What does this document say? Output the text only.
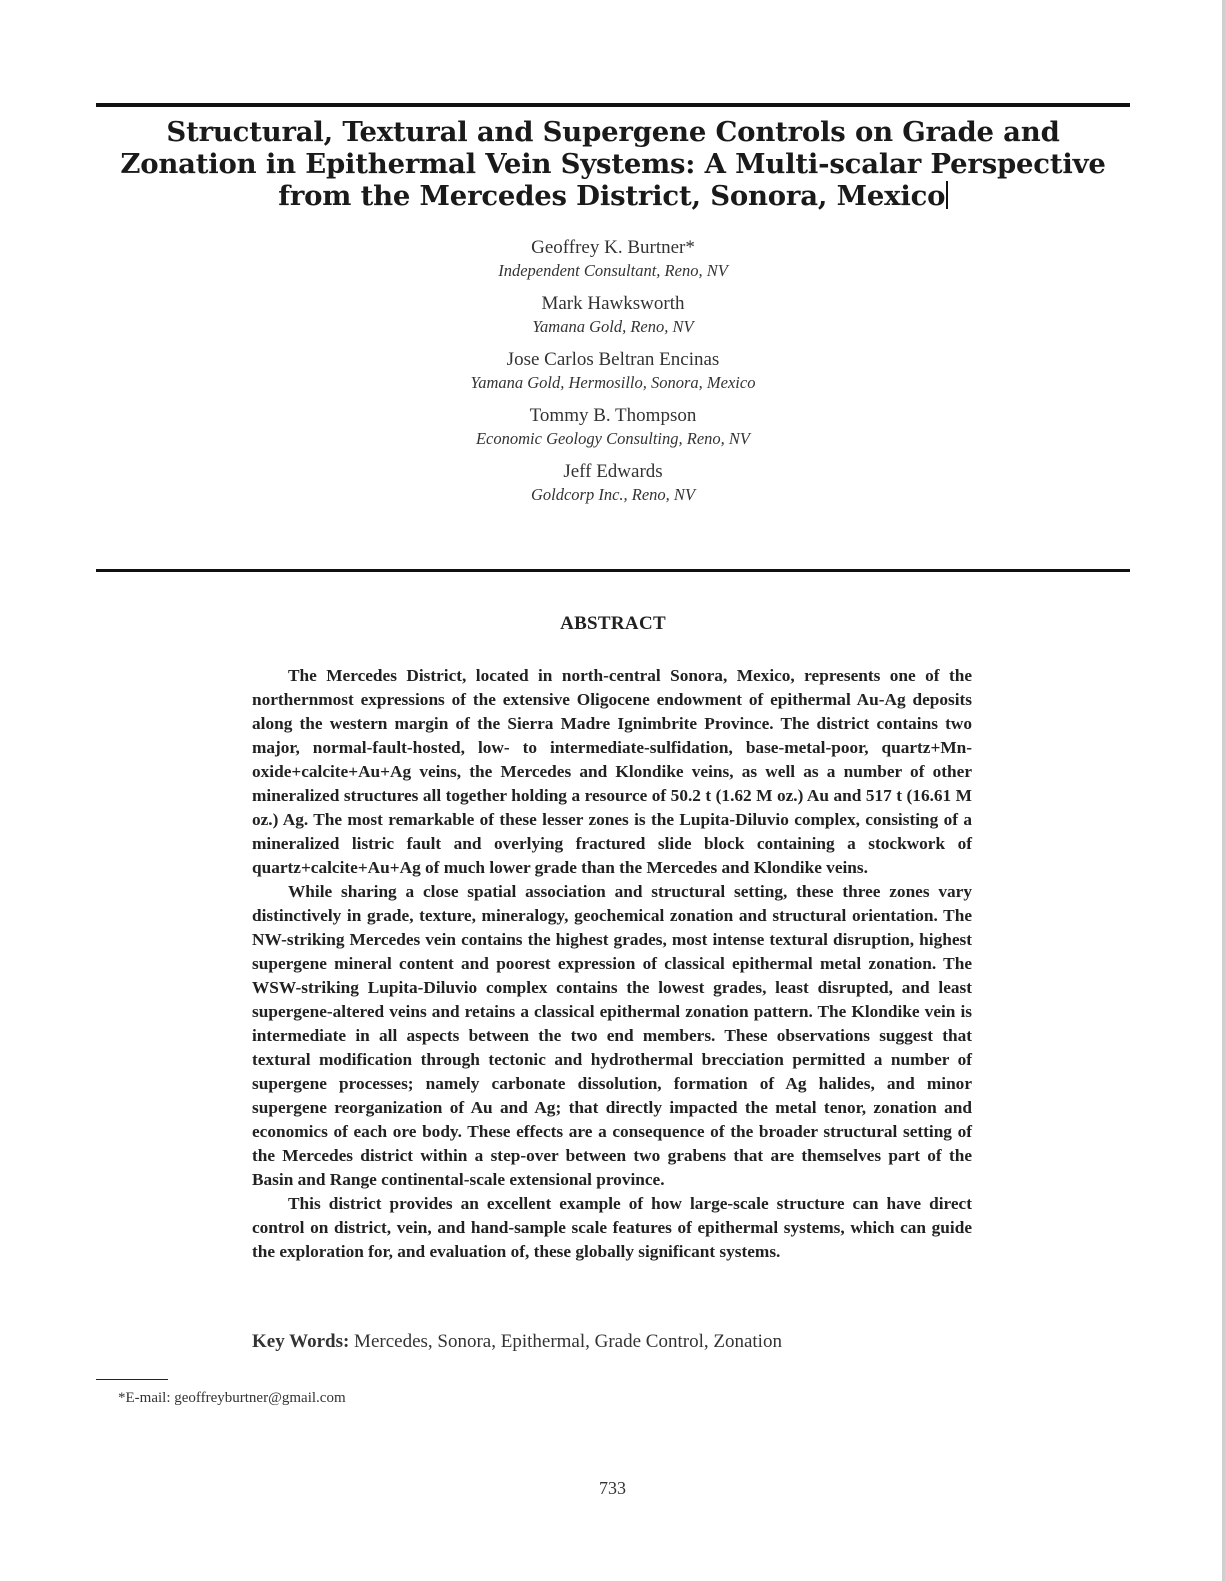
Structural, Textural and Supergene Controls on Grade and
Zonation in Epithermal Vein Systems: A Multi-scalar Perspective
from the Mercedes District, Sonora, Mexico
Geoffrey K. Burtner*
Independent Consultant, Reno, NV
Mark Hawksworth
Yamana Gold, Reno, NV
Jose Carlos Beltran Encinas
Yamana Gold, Hermosillo, Sonora, Mexico
Tommy B. Thompson
Economic Geology Consulting, Reno, NV
Jeff Edwards
Goldcorp Inc., Reno, NV
ABSTRACT

The Mercedes District, located in north-central Sonora, Mexico, represents one of the northernmost expressions of the extensive Oligocene endowment of epithermal Au-Ag deposits along the western margin of the Sierra Madre Ignimbrite Province. The district contains two major, normal-fault-hosted, low- to intermediate-sulfidation, base-metal-poor, quartz+Mn-oxide+calcite+Au+Ag veins, the Mercedes and Klondike veins, as well as a number of other mineralized structures all together holding a resource of 50.2 t (1.62 M oz.) Au and 517 t (16.61 M oz.) Ag. The most remarkable of these lesser zones is the Lupita-Diluvio complex, consisting of a mineralized listric fault and overlying fractured slide block containing a stockwork of quartz+calcite+Au+Ag of much lower grade than the Mercedes and Klondike veins.

While sharing a close spatial association and structural setting, these three zones vary distinctively in grade, texture, mineralogy, geochemical zonation and structural orientation. The NW-striking Mercedes vein contains the highest grades, most intense textural disruption, highest supergene mineral content and poorest expression of classical epithermal metal zonation. The WSW-striking Lupita-Diluvio complex contains the lowest grades, least disrupted, and least supergene-altered veins and retains a classical epithermal zonation pattern. The Klondike vein is intermediate in all aspects between the two end members. These observations suggest that textural modification through tectonic and hydrothermal brecciation permitted a number of supergene processes; namely carbonate dissolution, formation of Ag halides, and minor supergene reorganization of Au and Ag; that directly impacted the metal tenor, zonation and economics of each ore body. These effects are a consequence of the broader structural setting of the Mercedes district within a step-over between two grabens that are themselves part of the Basin and Range continental-scale extensional province.

This district provides an excellent example of how large-scale structure can have direct control on district, vein, and hand-sample scale features of epithermal systems, which can guide the exploration for, and evaluation of, these globally significant systems.

Key Words: Mercedes, Sonora, Epithermal, Grade Control, Zonation
*E-mail: geoffreyburtner@gmail.com
733
